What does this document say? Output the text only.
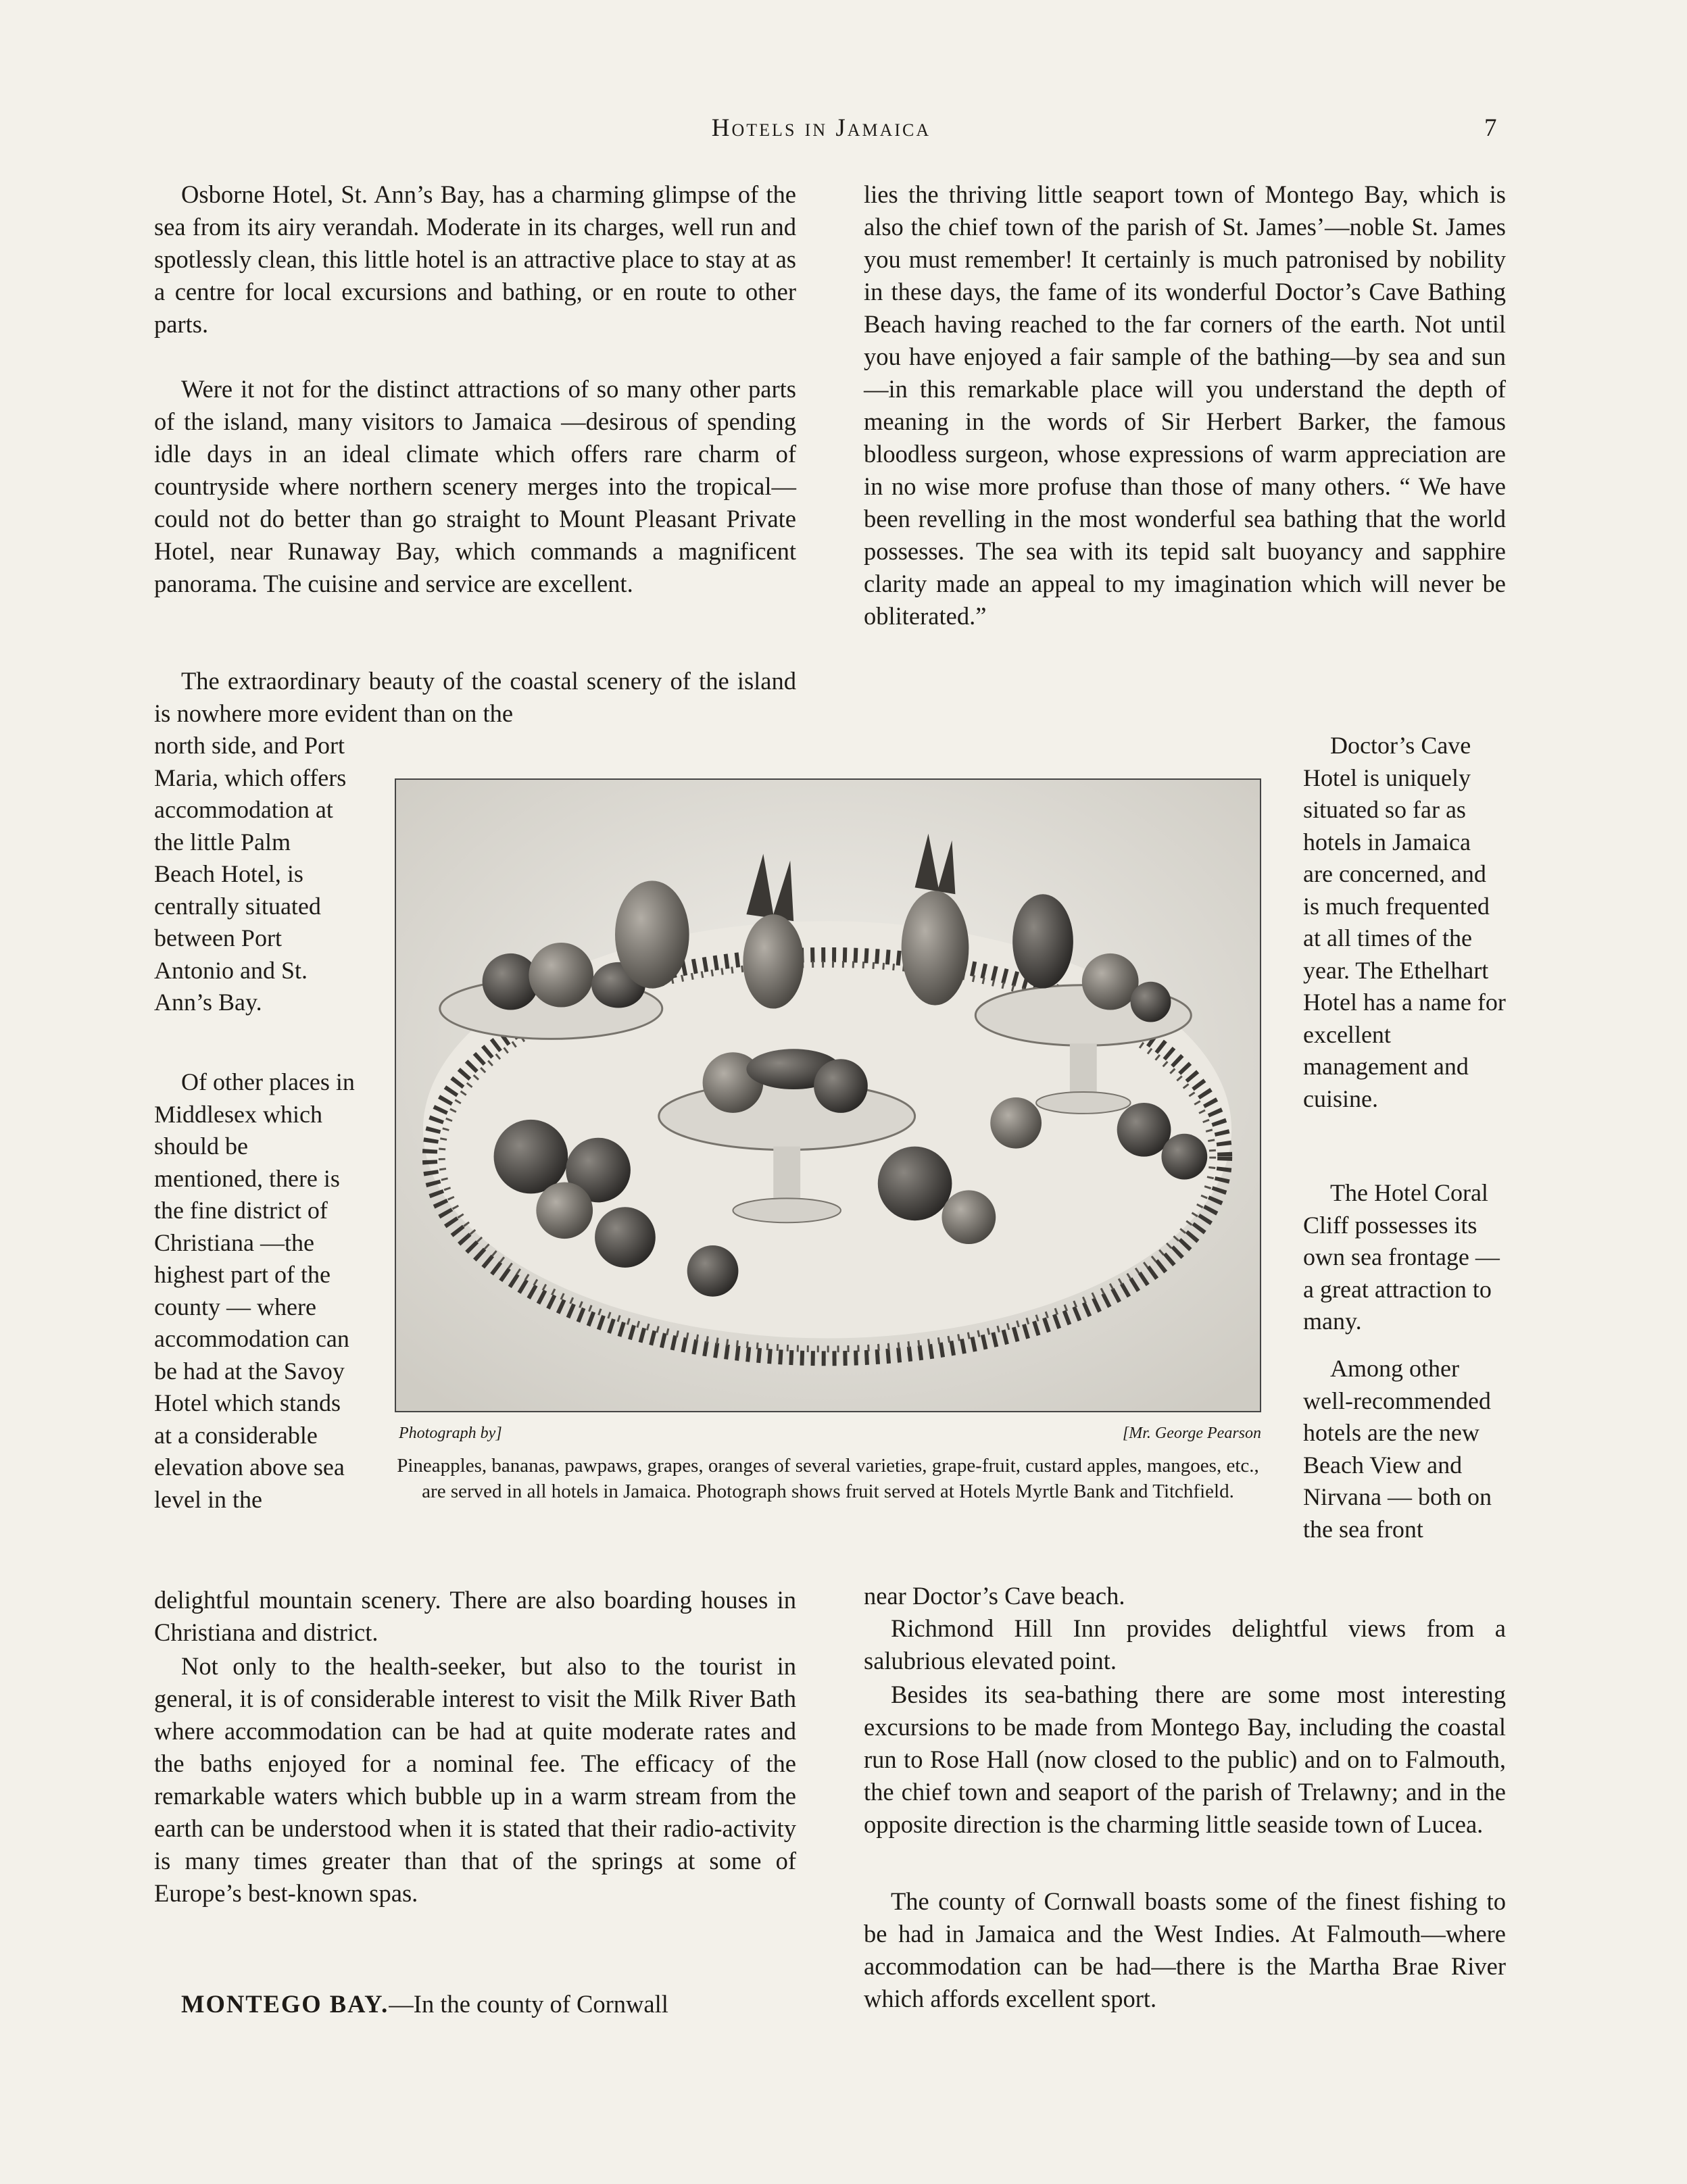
Hotels in Jamaica	7

Osborne Hotel, St. Ann’s Bay, has a charming glimpse of the sea from its airy verandah. Moderate in its charges, well run and spotlessly clean, this little hotel is an attractive place to stay at as a centre for local excursions and bathing, or en route to other parts.

Were it not for the distinct attractions of so many other parts of the island, many visitors to Jamaica —desirous of spending idle days in an ideal climate which offers rare charm of countryside where northern scenery merges into the tropical—could not do better than go straight to Mount Pleasant Private Hotel, near Runaway Bay, which commands a magnificent panorama. The cuisine and service are excellent.

The extraordinary beauty of the coastal scenery of the island is nowhere more evident than on the

north side, and Port Maria, which offers accommodation at the little Palm Beach Hotel, is centrally situated between Port Antonio and St. Ann’s Bay.

Of other places in Middlesex which should be mentioned, there is the fine district of Christiana —the highest part of the county — where accommodation can be had at the Savoy Hotel which stands at a considerable elevation above sea level in the

delightful mountain scenery. There are also boarding houses in Christiana and district.

Not only to the health-seeker, but also to the tourist in general, it is of considerable interest to visit the Milk River Bath where accommodation can be had at quite moderate rates and the baths enjoyed for a nominal fee. The efficacy of the remarkable waters which bubble up in a warm stream from the earth can be understood when it is stated that their radio-activity is many times greater than that of the springs at some of Europe’s best-known spas.

MONTEGO BAY.—In the county of Cornwall

lies the thriving little seaport town of Montego Bay, which is also the chief town of the parish of St. James’—noble St. James you must remember! It certainly is much patronised by nobility in these days, the fame of its wonderful Doctor’s Cave Bathing Beach having reached to the far corners of the earth. Not until you have enjoyed a fair sample of the bathing—by sea and sun—in this remarkable place will you understand the depth of meaning in the words of Sir Herbert Barker, the famous bloodless surgeon, whose expressions of warm appreciation are in no wise more profuse than those of many others. “ We have been revelling in the most wonderful sea bathing that the world possesses. The sea with its tepid salt buoyancy and sapphire clarity made an appeal to my imagination which will never be obliterated.”

Doctor’s Cave Hotel is uniquely situated so far as hotels in Jamaica are concerned, and is much frequented at all times of the year. The Ethelhart Hotel has a name for excellent management and cuisine.

The Hotel Coral Cliff possesses its own sea frontage —a great attraction to many.

Among other well-recommended hotels are the new Beach View and Nirvana — both on the sea front

near Doctor’s Cave beach.

Richmond Hill Inn provides delightful views from a salubrious elevated point.

Besides its sea-bathing there are some most interesting excursions to be made from Montego Bay, including the coastal run to Rose Hall (now closed to the public) and on to Falmouth, the chief town and seaport of the parish of Trelawny; and in the opposite direction is the charming little seaside town of Lucea.

The county of Cornwall boasts some of the finest fishing to be had in Jamaica and the West Indies. At Falmouth—where accommodation can be had—there is the Martha Brae River which affords excellent sport.

Photograph by]	[Mr. George Pearson
Pineapples, bananas, pawpaws, grapes, oranges of several varieties, grape-fruit, custard apples, mangoes, etc., are served in all hotels in Jamaica. Photograph shows fruit served at Hotels Myrtle Bank and Titchfield.
